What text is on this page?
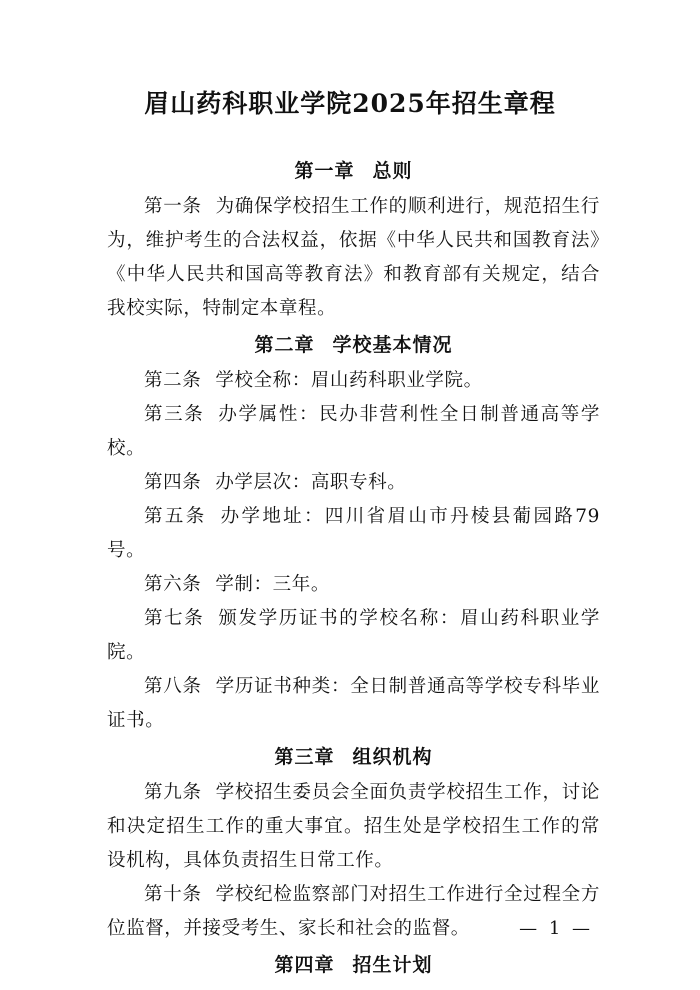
眉山药科职业学院2025年招生章程
第一章 总则

第一条 为确保学校招生工作的顺利进行，规范招生行为，维护考生的合法权益，依据《中华人民共和国教育法》《中华人民共和国高等教育法》和教育部有关规定，结合我校实际，特制定本章程。

第二章 学校基本情况

第二条 学校全称：眉山药科职业学院。

第三条 办学属性：民办非营利性全日制普通高等学校。

第四条 办学层次：高职专科。

第五条 办学地址：四川省眉山市丹棱县葡园路79号。

第六条 学制：三年。

第七条 颁发学历证书的学校名称：眉山药科职业学院。

第八条 学历证书种类：全日制普通高等学校专科毕业证书。

第三章 组织机构

第九条 学校招生委员会全面负责学校招生工作，讨论和决定招生工作的重大事宜。招生处是学校招生工作的常设机构，具体负责招生日常工作。

第十条 学校纪检监察部门对招生工作进行全过程全方位监督，并接受考生、家长和社会的监督。

第四章 招生计划
— 1 —
